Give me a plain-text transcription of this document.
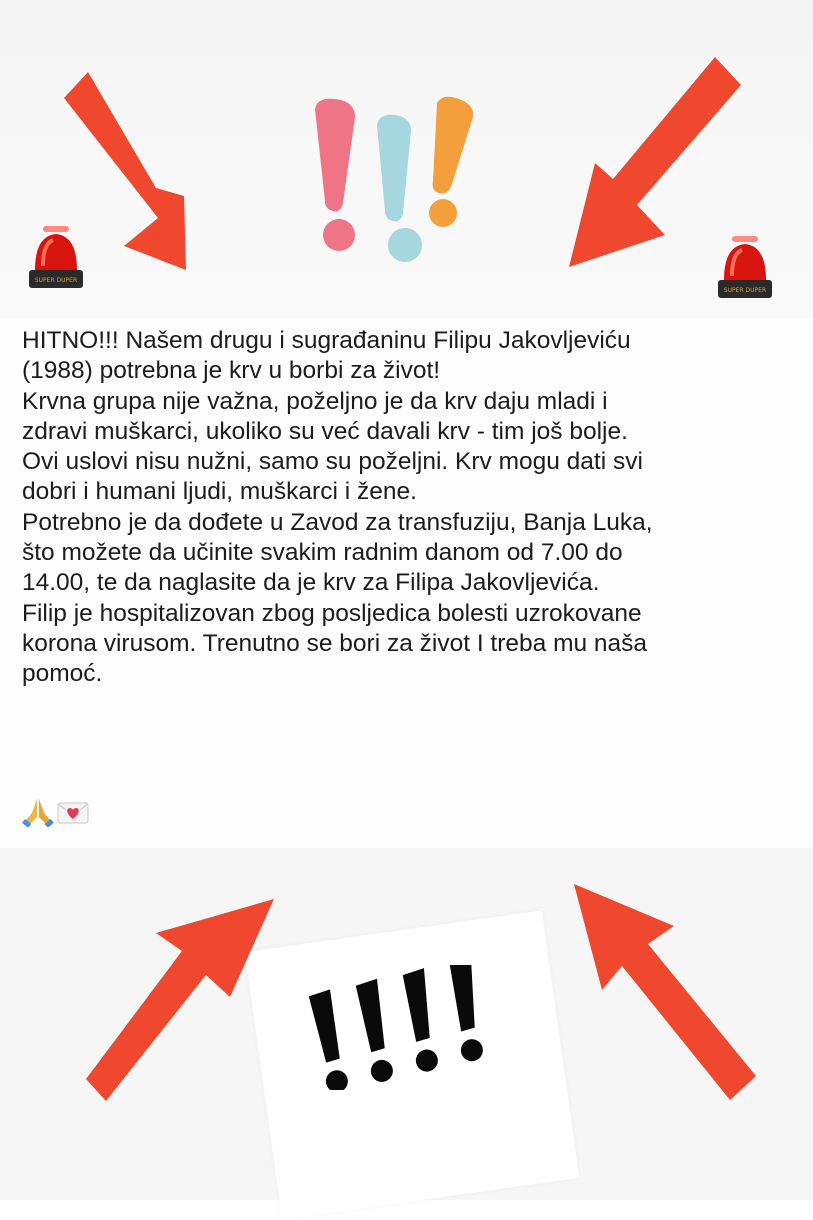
SUPER DUPER
SUPER DUPER

HITNO!!! Našem drugu i sugrađaninu Filipu Jakovljeviću
(1988) potrebna je krv u borbi za život!
Krvna grupa nije važna, poželjno je da krv daju mladi i
zdravi muškarci, ukoliko su već davali krv - tim još bolje.
Ovi uslovi nisu nužni, samo su poželjni. Krv mogu dati svi
dobri i humani ljudi, muškarci i žene.
Potrebno je da dođete u Zavod za transfuziju, Banja Luka,
što možete da učinite svakim radnim danom od 7.00 do
14.00, te da naglasite da je krv za Filipa Jakovljevića.
Filip je hospitalizovan zbog posljedica bolesti uzrokovane
korona virusom. Trenutno se bori za život I treba mu naša
pomoć.
